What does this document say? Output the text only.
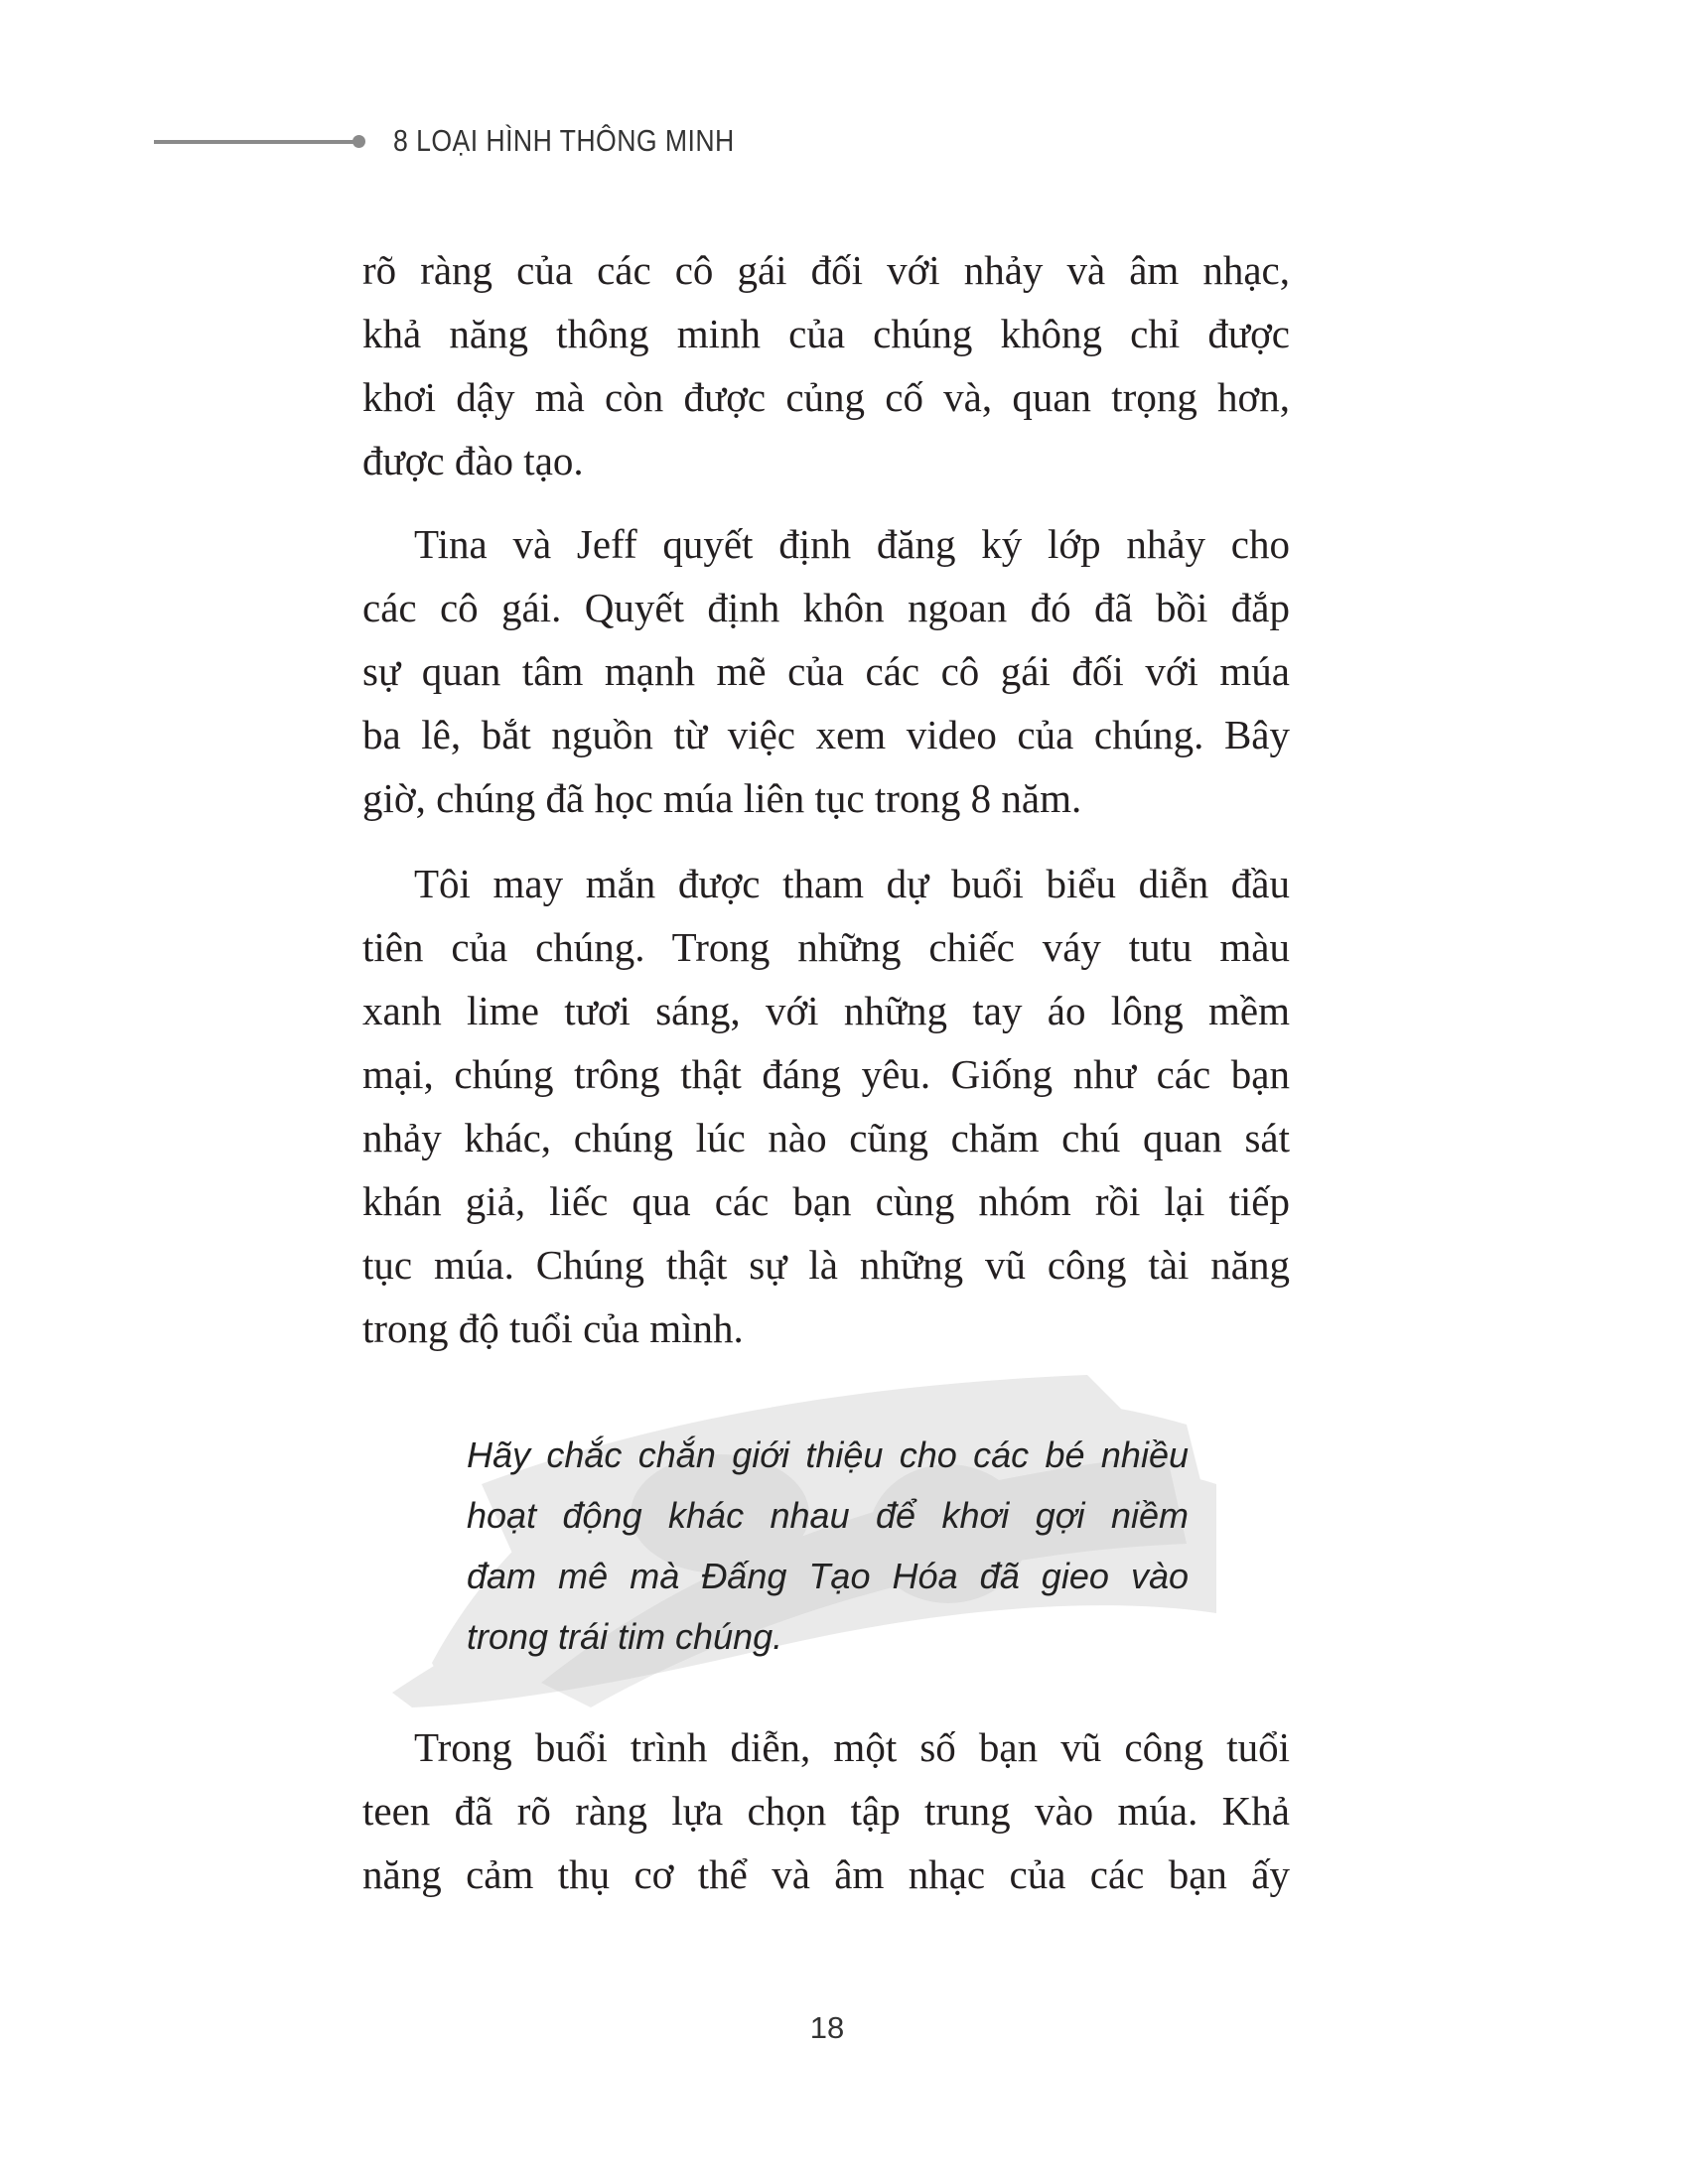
8 LOẠI HÌNH THÔNG MINH
rõ ràng của các cô gái đối với nhảy và âm nhạc,
khả năng thông minh của chúng không chỉ được
khơi dậy mà còn được củng cố và, quan trọng hơn,
được đào tạo.
Tina và Jeff quyết định đăng ký lớp nhảy cho
các cô gái. Quyết định khôn ngoan đó đã bồi đắp
sự quan tâm mạnh mẽ của các cô gái đối với múa
ba lê, bắt nguồn từ việc xem video của chúng. Bây
giờ, chúng đã học múa liên tục trong 8 năm.
Tôi may mắn được tham dự buổi biểu diễn đầu
tiên của chúng. Trong những chiếc váy tutu màu
xanh lime tươi sáng, với những tay áo lông mềm
mại, chúng trông thật đáng yêu. Giống như các bạn
nhảy khác, chúng lúc nào cũng chăm chú quan sát
khán giả, liếc qua các bạn cùng nhóm rồi lại tiếp
tục múa. Chúng thật sự là những vũ công tài năng
trong độ tuổi của mình.
Hãy chắc chắn giới thiệu cho các bé nhiều
hoạt động khác nhau để khơi gợi niềm
đam mê mà Đấng Tạo Hóa đã gieo vào
trong trái tim chúng.
Trong buổi trình diễn, một số bạn vũ công tuổi
teen đã rõ ràng lựa chọn tập trung vào múa. Khả
năng cảm thụ cơ thể và âm nhạc của các bạn ấy
18
